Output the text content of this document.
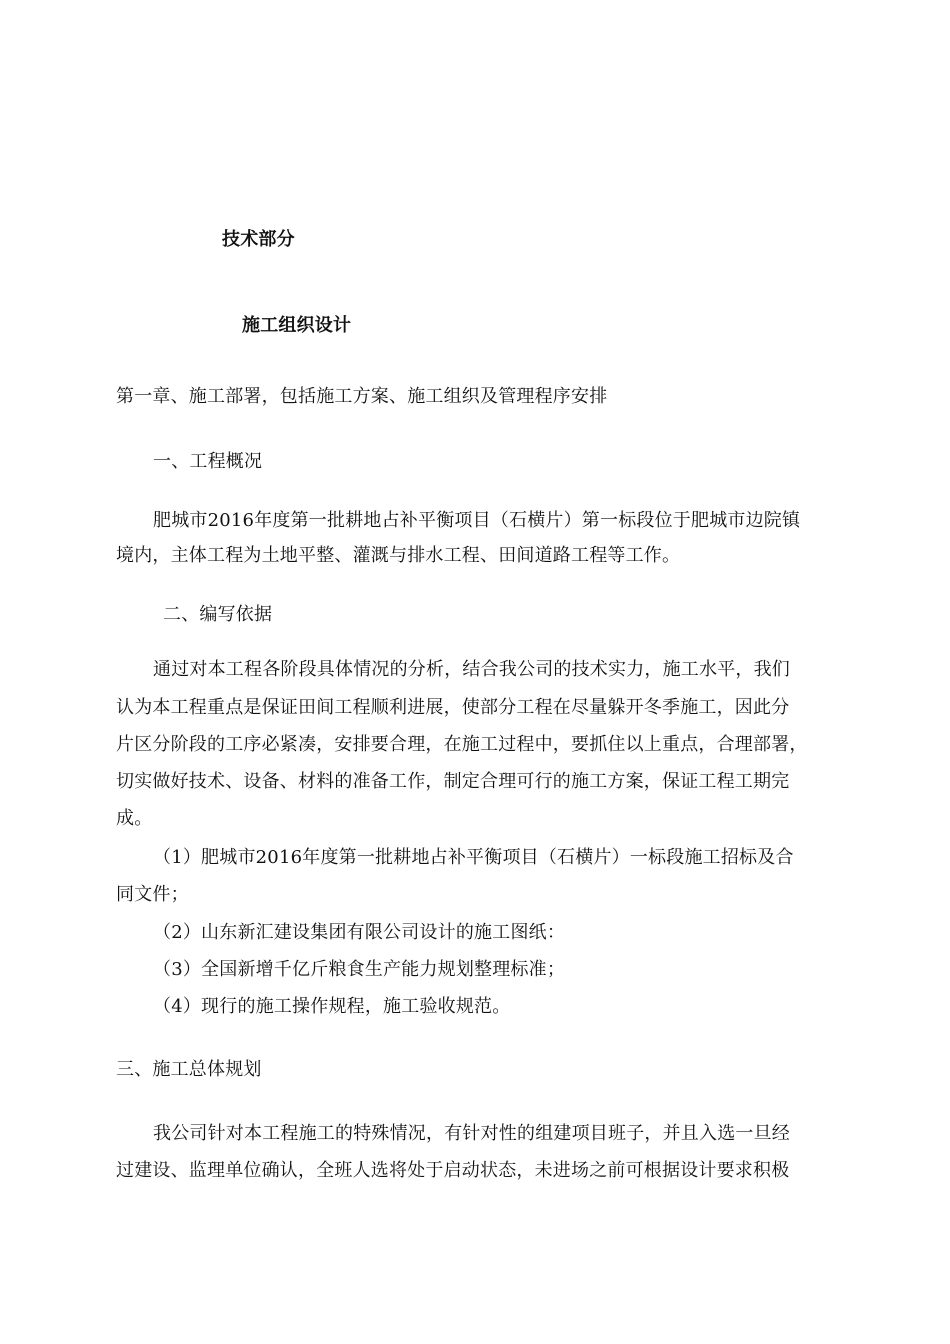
技术部分
施工组织设计
第一章、施工部署，包括施工方案、施工组织及管理程序安排
一、工程概况
肥城市2016年度第一批耕地占补平衡项目（石横片）第一标段位于肥城市边院镇
境内，主体工程为土地平整、灌溉与排水工程、田间道路工程等工作。
二、编写依据
通过对本工程各阶段具体情况的分析，结合我公司的技术实力，施工水平，我们
认为本工程重点是保证田间工程顺利进展，使部分工程在尽量躲开冬季施工，因此分
片区分阶段的工序必紧凑，安排要合理，在施工过程中，要抓住以上重点，合理部署，
切实做好技术、设备、材料的准备工作，制定合理可行的施工方案，保证工程工期完
成。
（1）肥城市2016年度第一批耕地占补平衡项目（石横片）一标段施工招标及合
同文件；
（2）山东新汇建设集团有限公司设计的施工图纸：
（3）全国新增千亿斤粮食生产能力规划整理标准；
（4）现行的施工操作规程，施工验收规范。
三、施工总体规划
我公司针对本工程施工的特殊情况，有针对性的组建项目班子，并且入选一旦经
过建设、监理单位确认，全班人选将处于启动状态，未进场之前可根据设计要求积极
